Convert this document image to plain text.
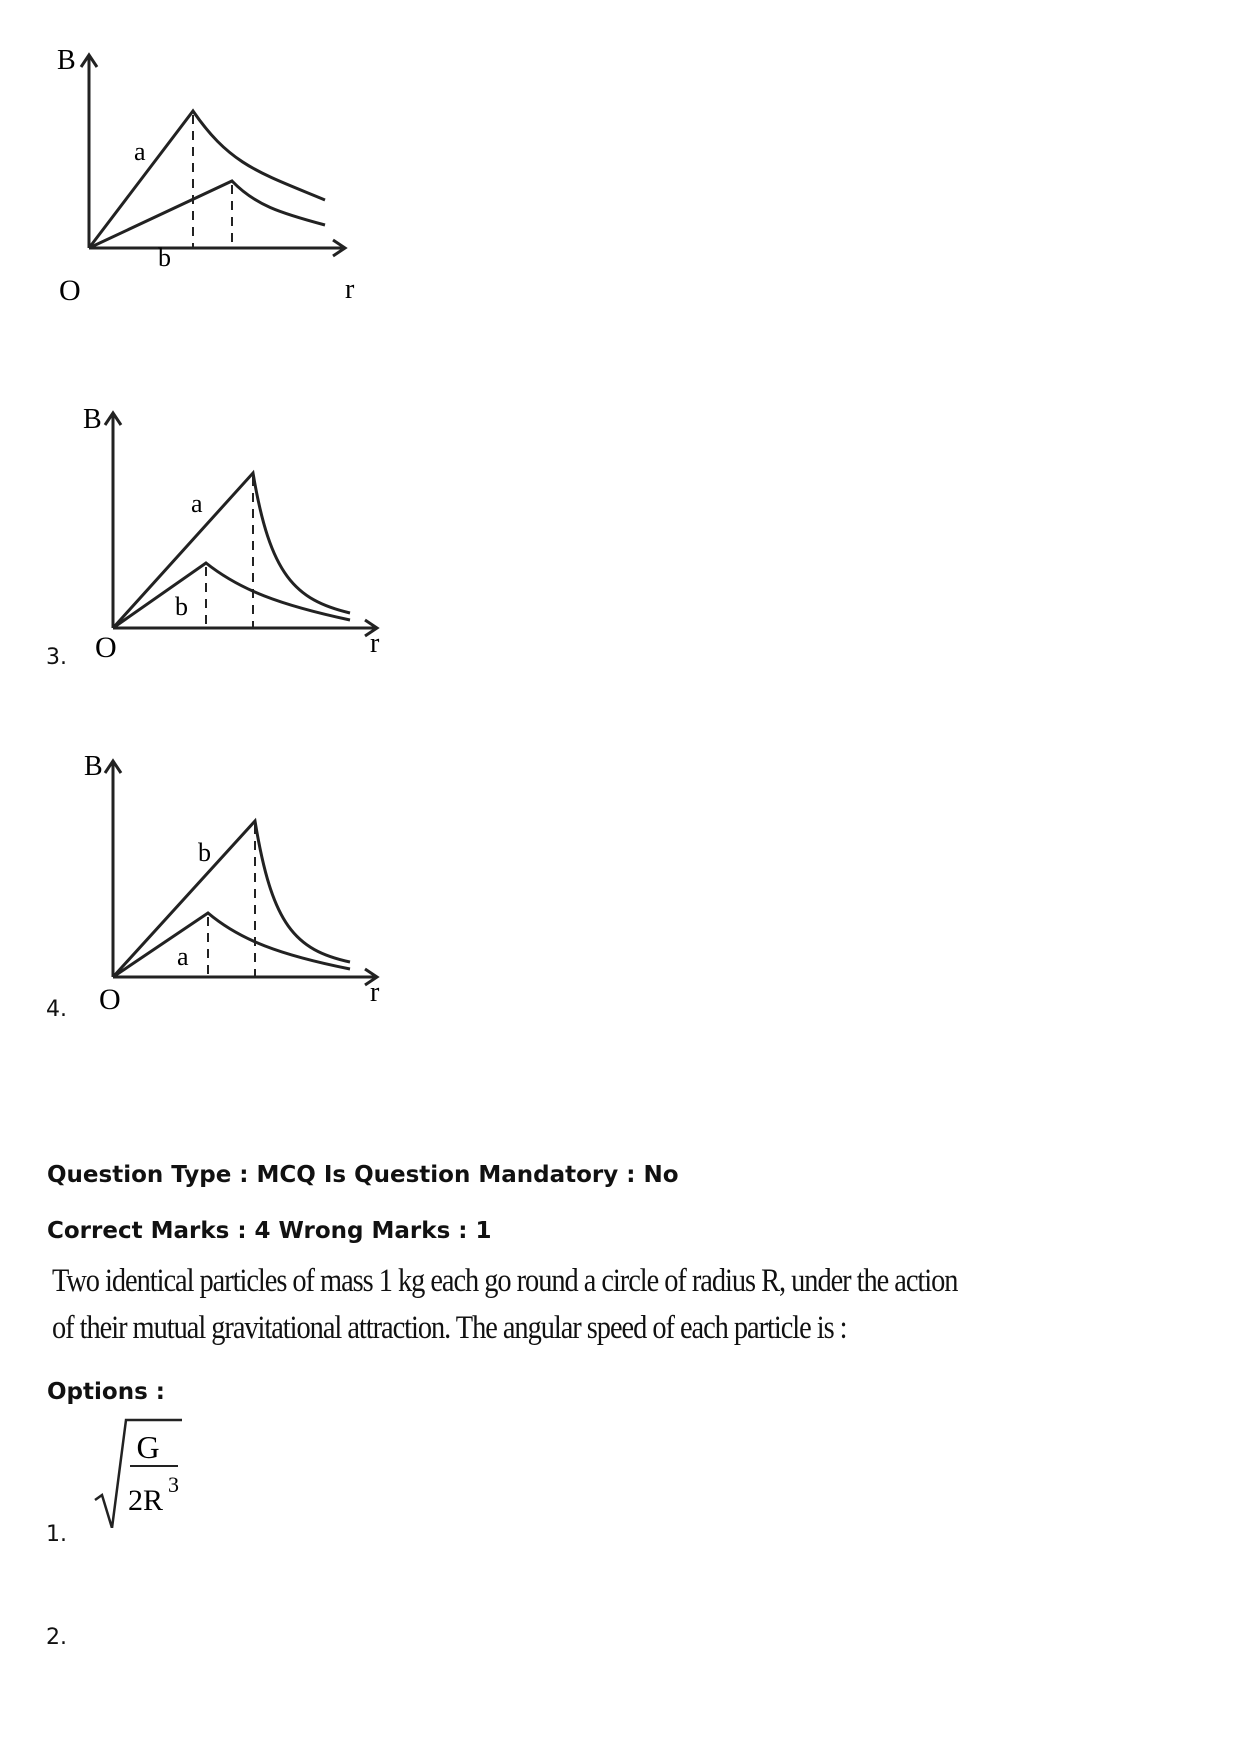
B
r
O
a
b
3.
B
r
O
a
b
4.
B
r
O
b
a
Question Type : MCQ Is Question Mandatory : No
Correct Marks : 4 Wrong Marks : 1
Two identical particles of mass 1 kg each go round a circle of radius R, under the action of their mutual gravitational attraction. The angular speed of each particle is :
Options :
1.
G
2R 3
2.
